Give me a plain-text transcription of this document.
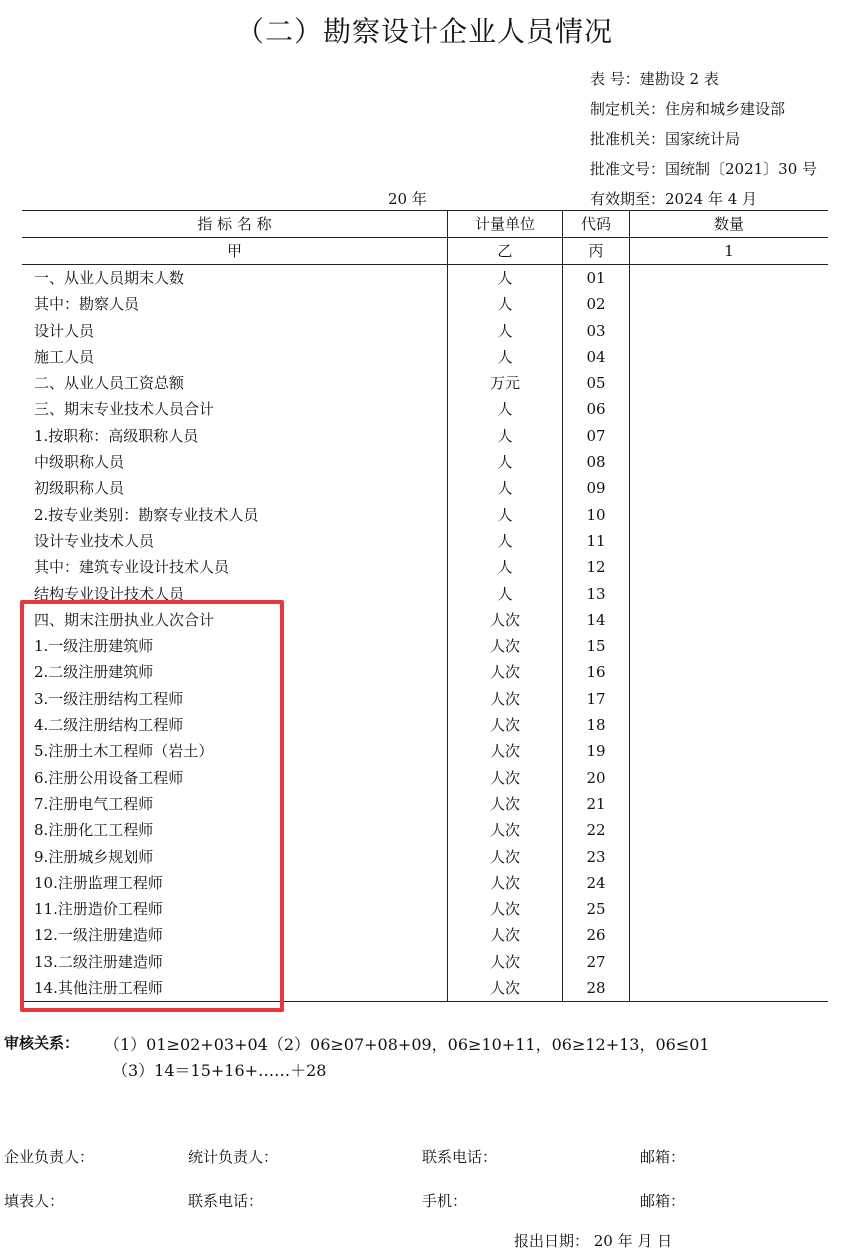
（二）勘察设计企业人员情况
表 号：建勘设 2 表
制定机关：住房和城乡建设部
批准机关：国家统计局
批准文号：国统制〔2021〕30 号
有效期至：2024 年 4 月
20 年
指 标 名 称	计量单位	代码	数量
甲	乙	丙	1
一、从业人员期末人数	人	01	
其中：勘察人员	人	02	
设计人员	人	03	
施工人员	人	04	
二、从业人员工资总额	万元	05	
三、期末专业技术人员合计	人	06	
1.按职称：高级职称人员	人	07	
中级职称人员	人	08	
初级职称人员	人	09	
2.按专业类别：勘察专业技术人员	人	10	
设计专业技术人员	人	11	
其中：建筑专业设计技术人员	人	12	
结构专业设计技术人员	人	13	
四、期末注册执业人次合计	人次	14	
1.一级注册建筑师	人次	15	
2.二级注册建筑师	人次	16	
3.一级注册结构工程师	人次	17	
4.二级注册结构工程师	人次	18	
5.注册土木工程师（岩土）	人次	19	
6.注册公用设备工程师	人次	20	
7.注册电气工程师	人次	21	
8.注册化工工程师	人次	22	
9.注册城乡规划师	人次	23	
10.注册监理工程师	人次	24	
11.注册造价工程师	人次	25	
12.一级注册建造师	人次	26	
13.二级注册建造师	人次	27	
14.其他注册工程师	人次	28	
审核关系： （1）01≥02+03+04（2）06≥07+08+09，06≥10+11，06≥12+13，06≤01
（3）14＝15+16+……＋28
企业负责人：	统计负责人：	联系电话：	邮箱：
填表人：	联系电话：	手机：	邮箱：
报出日期： 20 年 月 日
